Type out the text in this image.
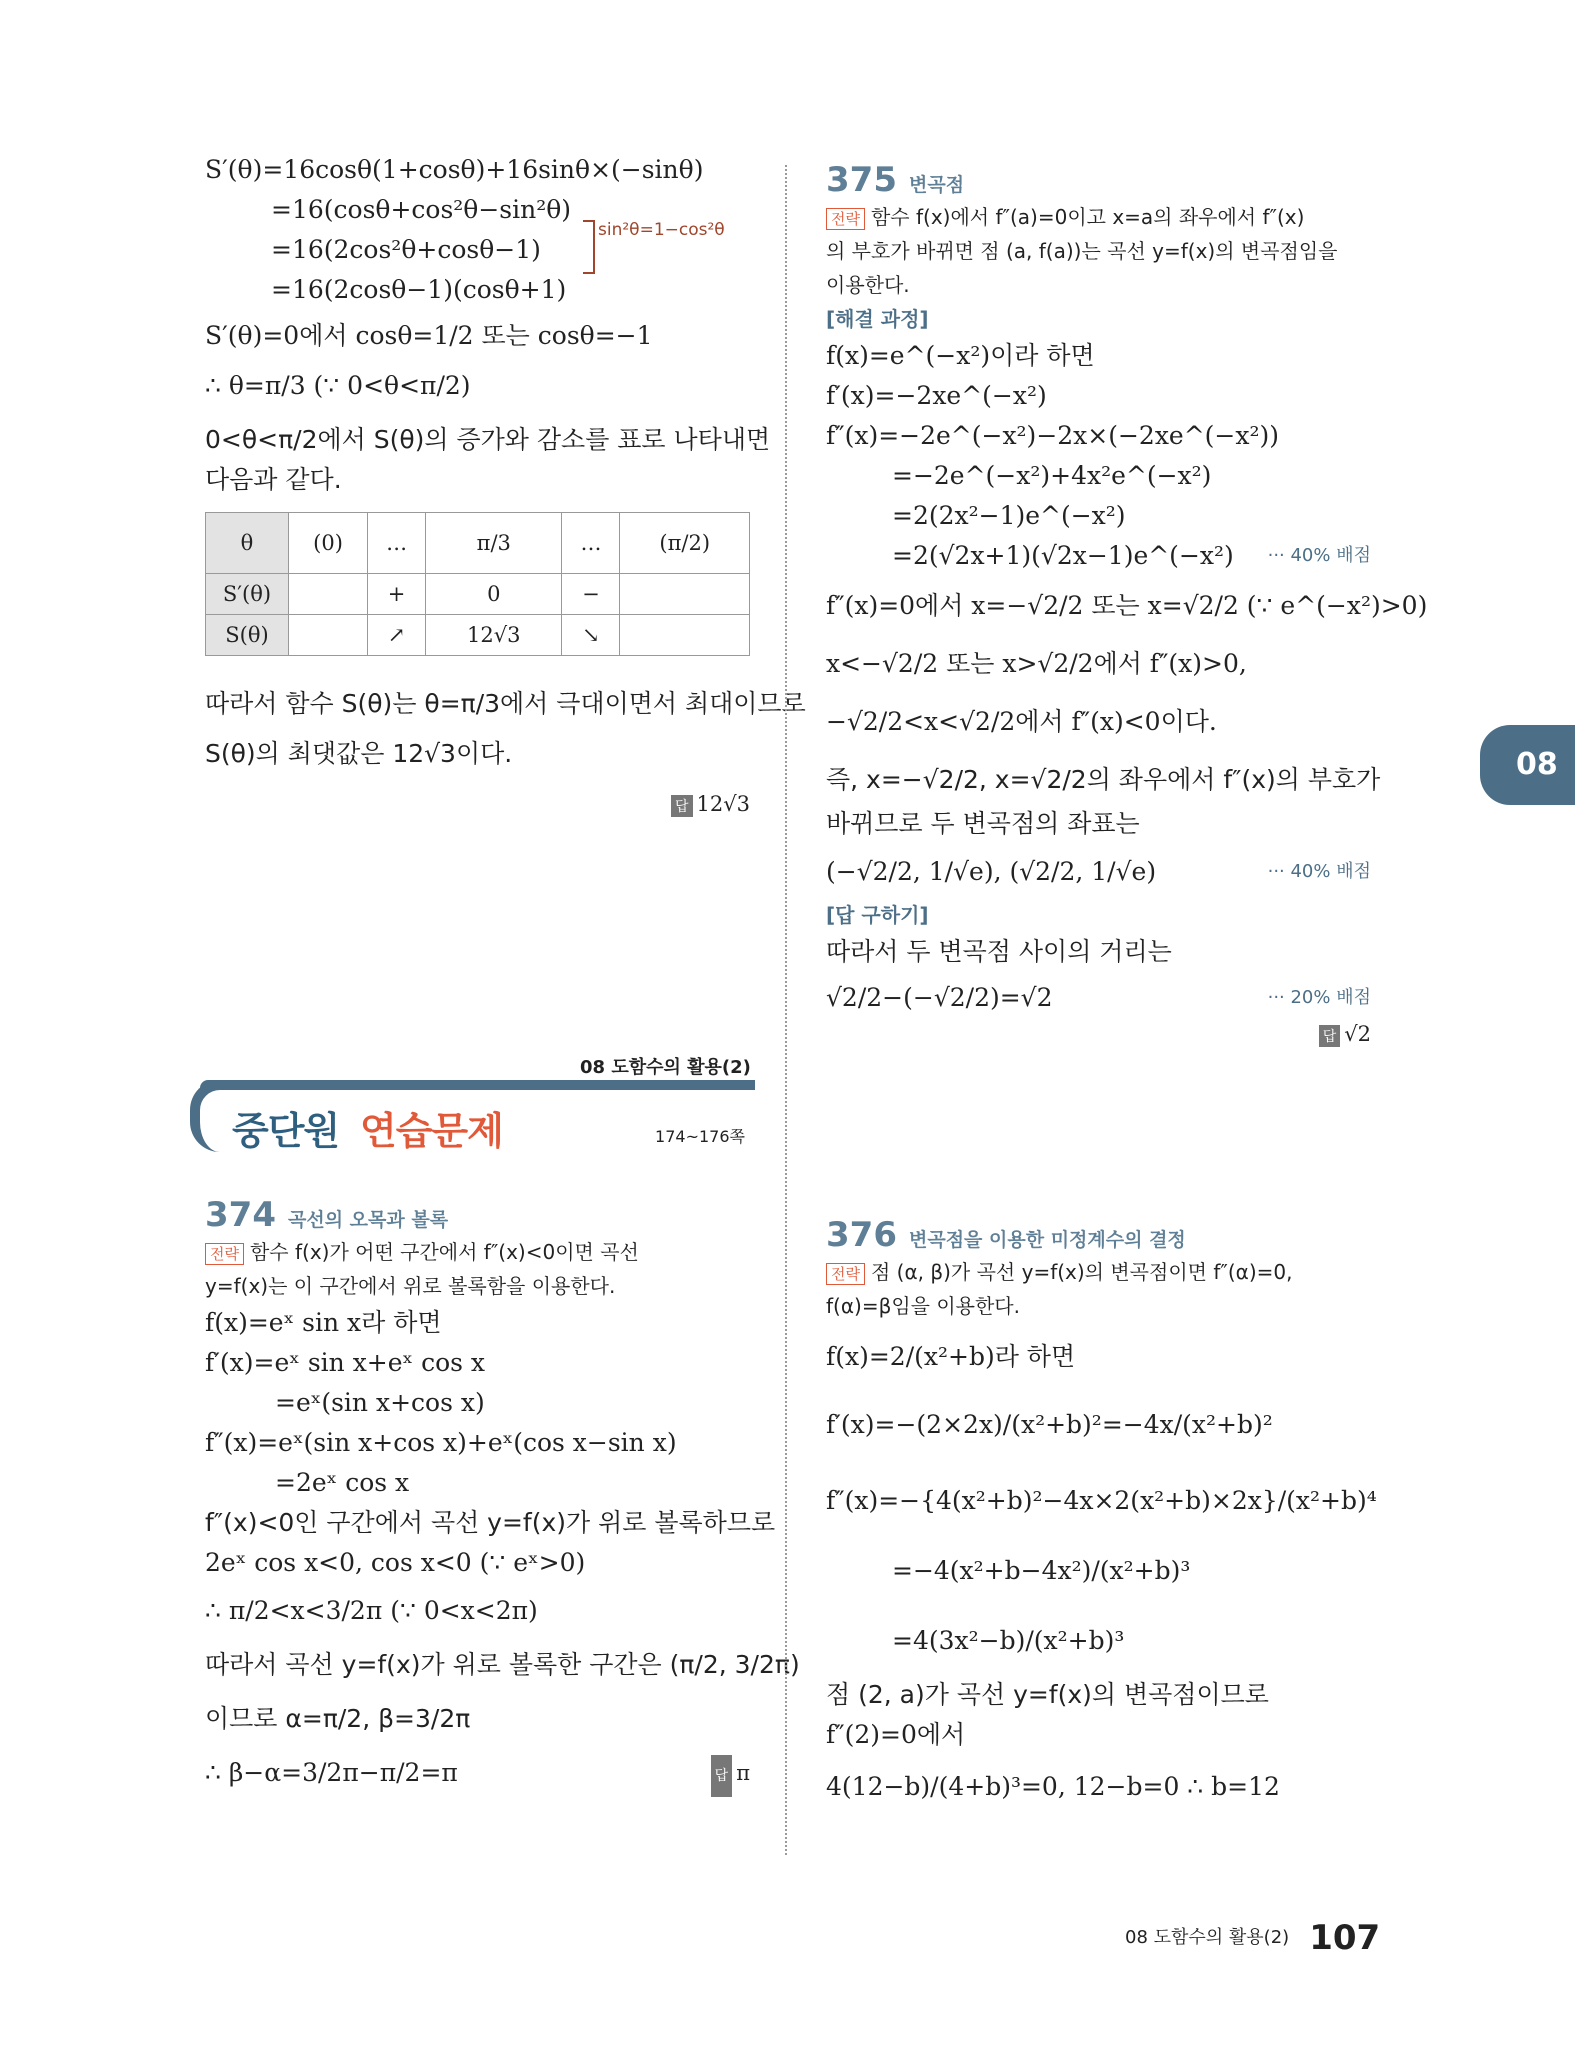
S′(θ)=16cosθ(1+cosθ)+16sinθ×(−sinθ)
=16(cosθ+cos²θ−sin²θ)
=16(2cos²θ+cosθ−1)
=16(2cosθ−1)(cosθ+1)
sin²θ=1−cos²θ
S′(θ)=0에서 cosθ=1/2 또는 cosθ=−1
∴ θ=π/3 (∵ 0<θ<π/2)
0<θ<π/2에서 S(θ)의 증가와 감소를 표로 나타내면
다음과 같다.
θ	(0)	…	π/3	…	(π/2)
S′(θ)		+	0	−	
S(θ)		↗	12√3	↘	
따라서 함수 S(θ)는 θ=π/3에서 극대이면서 최대이므로
S(θ)의 최댓값은 12√3이다.
답 12√3
08 도함수의 활용(2)
중단원 연습문제	174~176쪽
374 곡선의 오목과 볼록
전략 함수 f(x)가 어떤 구간에서 f″(x)<0이면 곡선
y=f(x)는 이 구간에서 위로 볼록함을 이용한다.
f(x)=eˣ sin x라 하면
f′(x)=eˣ sin x+eˣ cos x
=eˣ(sin x+cos x)
f″(x)=eˣ(sin x+cos x)+eˣ(cos x−sin x)
=2eˣ cos x
f″(x)<0인 구간에서 곡선 y=f(x)가 위로 볼록하므로
2eˣ cos x<0, cos x<0 (∵ eˣ>0)
∴ π/2<x<3/2π (∵ 0<x<2π)
따라서 곡선 y=f(x)가 위로 볼록한 구간은 (π/2, 3/2π)
이므로 α=π/2, β=3/2π
∴ β−α=3/2π−π/2=π	답 π
375 변곡점
전략 함수 f(x)에서 f″(a)=0이고 x=a의 좌우에서 f″(x)
의 부호가 바뀌면 점 (a, f(a))는 곡선 y=f(x)의 변곡점임을
이용한다.
[해결 과정]
f(x)=e^(−x²)이라 하면
f′(x)=−2xe^(−x²)
f″(x)=−2e^(−x²)−2x×(−2xe^(−x²))
=−2e^(−x²)+4x²e^(−x²)
=2(2x²−1)e^(−x²)
=2(√2x+1)(√2x−1)e^(−x²) ··· 40% 배점
f″(x)=0에서 x=−√2/2 또는 x=√2/2 (∵ e^(−x²)>0)
x<−√2/2 또는 x>√2/2에서 f″(x)>0,
−√2/2<x<√2/2에서 f″(x)<0이다.
즉, x=−√2/2, x=√2/2의 좌우에서 f″(x)의 부호가
바뀌므로 두 변곡점의 좌표는
(−√2/2, 1/√e), (√2/2, 1/√e)	··· 40% 배점
[답 구하기]
따라서 두 변곡점 사이의 거리는
√2/2−(−√2/2)=√2	··· 20% 배점
답 √2
376 변곡점을 이용한 미정계수의 결정
전략 점 (α, β)가 곡선 y=f(x)의 변곡점이면 f″(α)=0,
f(α)=β임을 이용한다.
f(x)=2/(x²+b)라 하면
f′(x)=−(2×2x)/(x²+b)²=−4x/(x²+b)²
f″(x)=−{4(x²+b)²−4x×2(x²+b)×2x}/(x²+b)⁴
=−4(x²+b−4x²)/(x²+b)³
=4(3x²−b)/(x²+b)³
점 (2, a)가 곡선 y=f(x)의 변곡점이므로
f″(2)=0에서
4(12−b)/(4+b)³=0, 12−b=0 ∴ b=12
08
08 도함수의 활용(2) 107
